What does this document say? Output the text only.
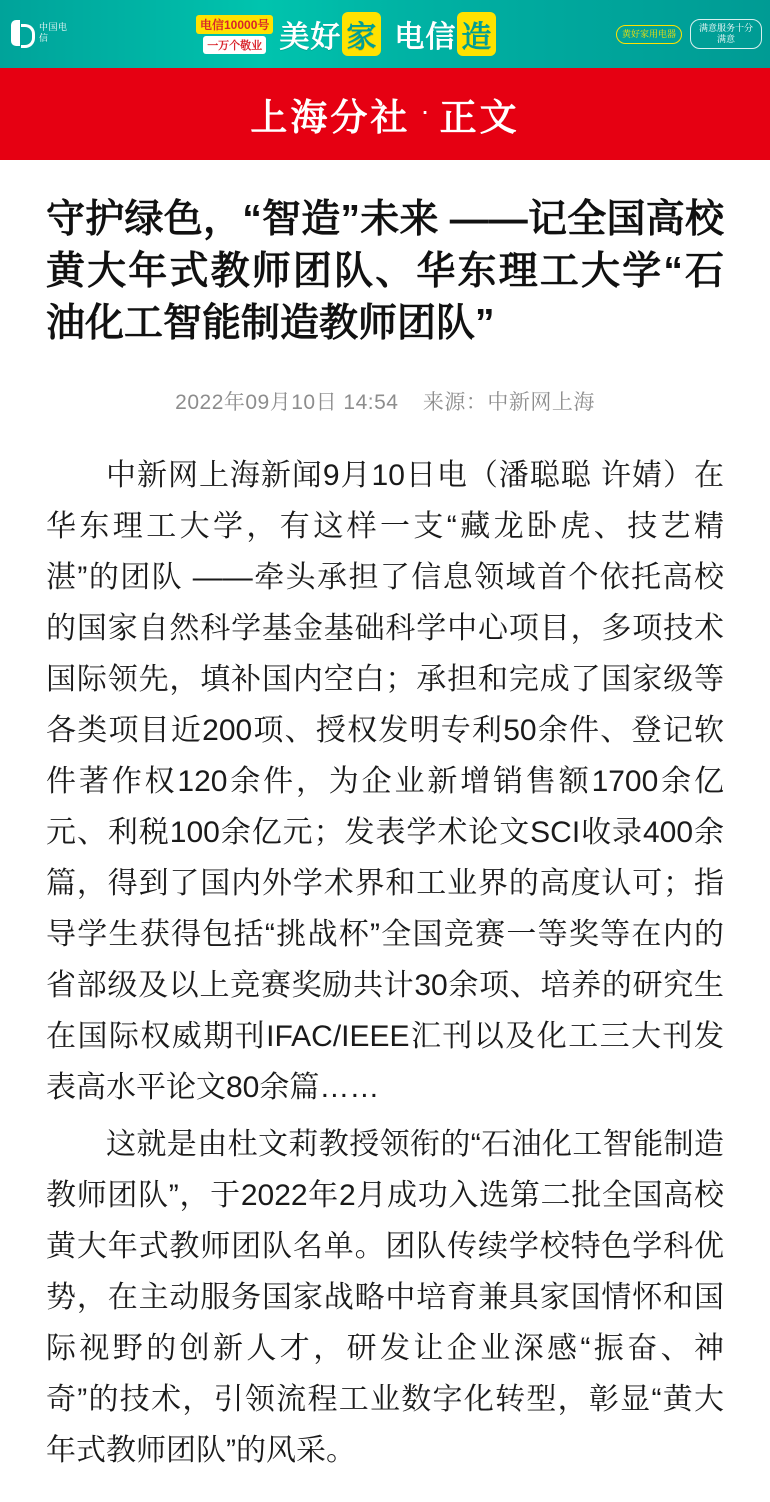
中国电信
电信10000号
一万个敬业 美好 家 电信 造	黄好家用电器
满意服务十分满意
上海分社 · 正文
守护绿色，“智造”未来 ——记全国高校黄大年式教师团队、华东理工大学“石油化工智能制造教师团队”
2022年09月10日 14:54 来源：中新网上海

中新网上海新闻9月10日电（潘聪聪 许婧）在华东理工大学，有这样一支“藏龙卧虎、技艺精湛”的团队 ——牵头承担了信息领域首个依托高校的国家自然科学基金基础科学中心项目，多项技术国际领先，填补国内空白；承担和完成了国家级等各类项目近200项、授权发明专利50余件、登记软件著作权120余件，为企业新增销售额1700余亿元、利税100余亿元；发表学术论文SCI收录400余篇，得到了国内外学术界和工业界的高度认可；指导学生获得包括“挑战杯”全国竞赛一等奖等在内的省部级及以上竞赛奖励共计30余项、培养的研究生在国际权威期刊IFAC/IEEE汇刊以及化工三大刊发表高水平论文80余篇……

这就是由杜文莉教授领衔的“石油化工智能制造教师团队”，于2022年2月成功入选第二批全国高校黄大年式教师团队名单。团队传续学校特色学科优势，在主动服务国家战略中培育兼具家国情怀和国际视野的创新人才，研发让企业深感“振奋、神奇”的技术，引领流程工业数字化转型，彰显“黄大年式教师团队”的风采。
